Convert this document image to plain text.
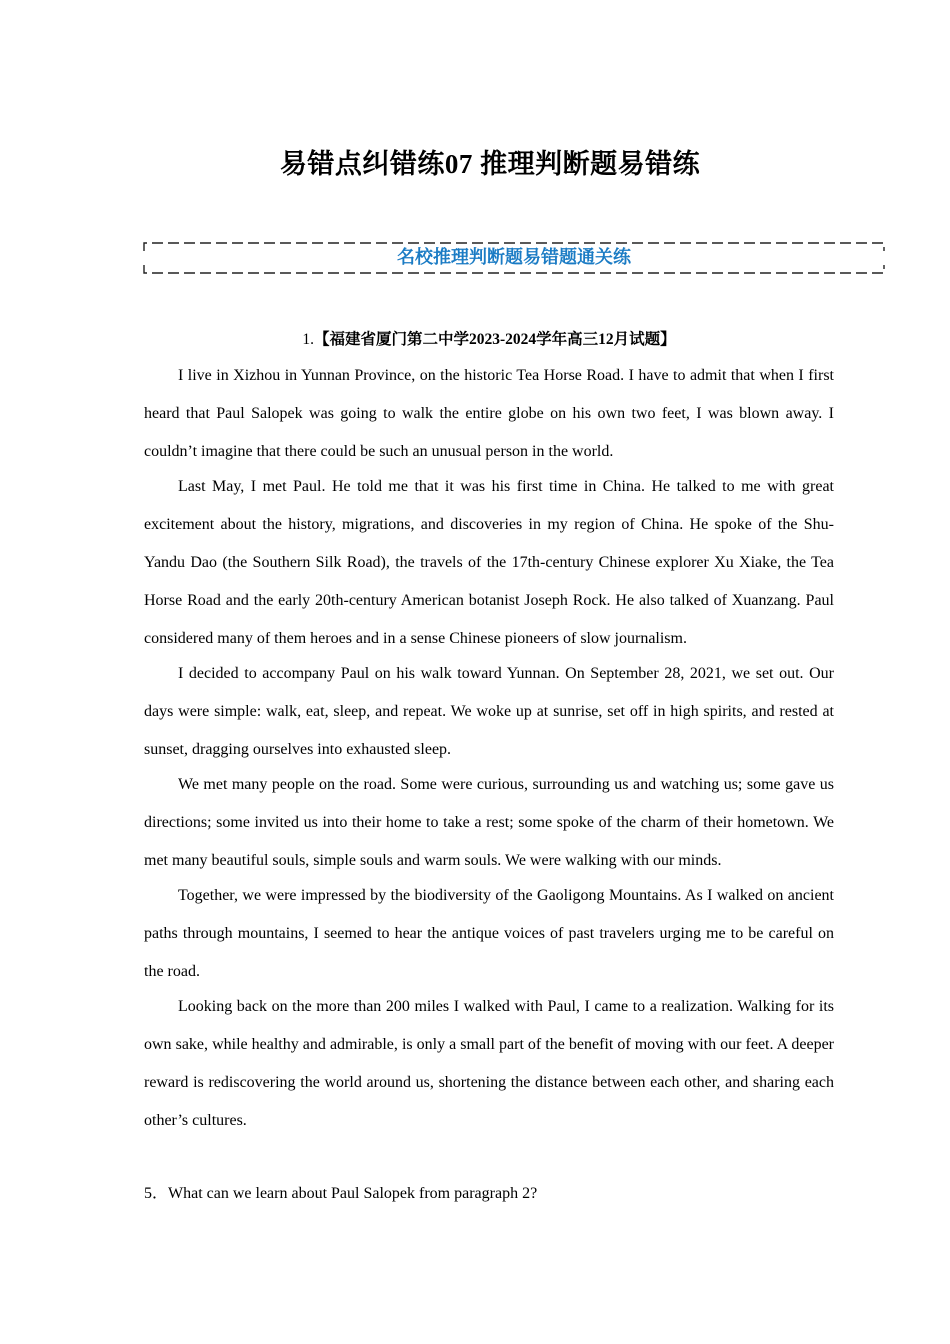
易错点纠错练07 推理判断题易错练
名校推理判断题易错题通关练
1.【福建省厦门第二中学2023-2024学年高三12月试题】

I live in Xizhou in Yunnan Province, on the historic Tea Horse Road. I have to admit that when I first heard that Paul Salopek was going to walk the entire globe on his own two feet, I was blown away. I couldn’t imagine that there could be such an unusual person in the world.

Last May, I met Paul. He told me that it was his first time in China. He talked to me with great excitement about the history, migrations, and discoveries in my region of China. He spoke of the Shu-Yandu Dao (the Southern Silk Road), the travels of the 17th-century Chinese explorer Xu Xiake, the Tea Horse Road and the early 20th-century American botanist Joseph Rock. He also talked of Xuanzang. Paul considered many of them heroes and in a sense Chinese pioneers of slow journalism.

I decided to accompany Paul on his walk toward Yunnan. On September 28, 2021, we set out. Our days were simple: walk, eat, sleep, and repeat. We woke up at sunrise, set off in high spirits, and rested at sunset, dragging ourselves into exhausted sleep.

We met many people on the road. Some were curious, surrounding us and watching us; some gave us directions; some invited us into their home to take a rest; some spoke of the charm of their hometown. We met many beautiful souls, simple souls and warm souls. We were walking with our minds.

Together, we were impressed by the biodiversity of the Gaoligong Mountains. As I walked on ancient paths through mountains, I seemed to hear the antique voices of past travelers urging me to be careful on the road.

Looking back on the more than 200 miles I walked with Paul, I came to a realization. Walking for its own sake, while healthy and admirable, is only a small part of the benefit of moving with our feet. A deeper reward is rediscovering the world around us, shortening the distance between each other, and sharing each other’s cultures.

5．What can we learn about Paul Salopek from paragraph 2?
